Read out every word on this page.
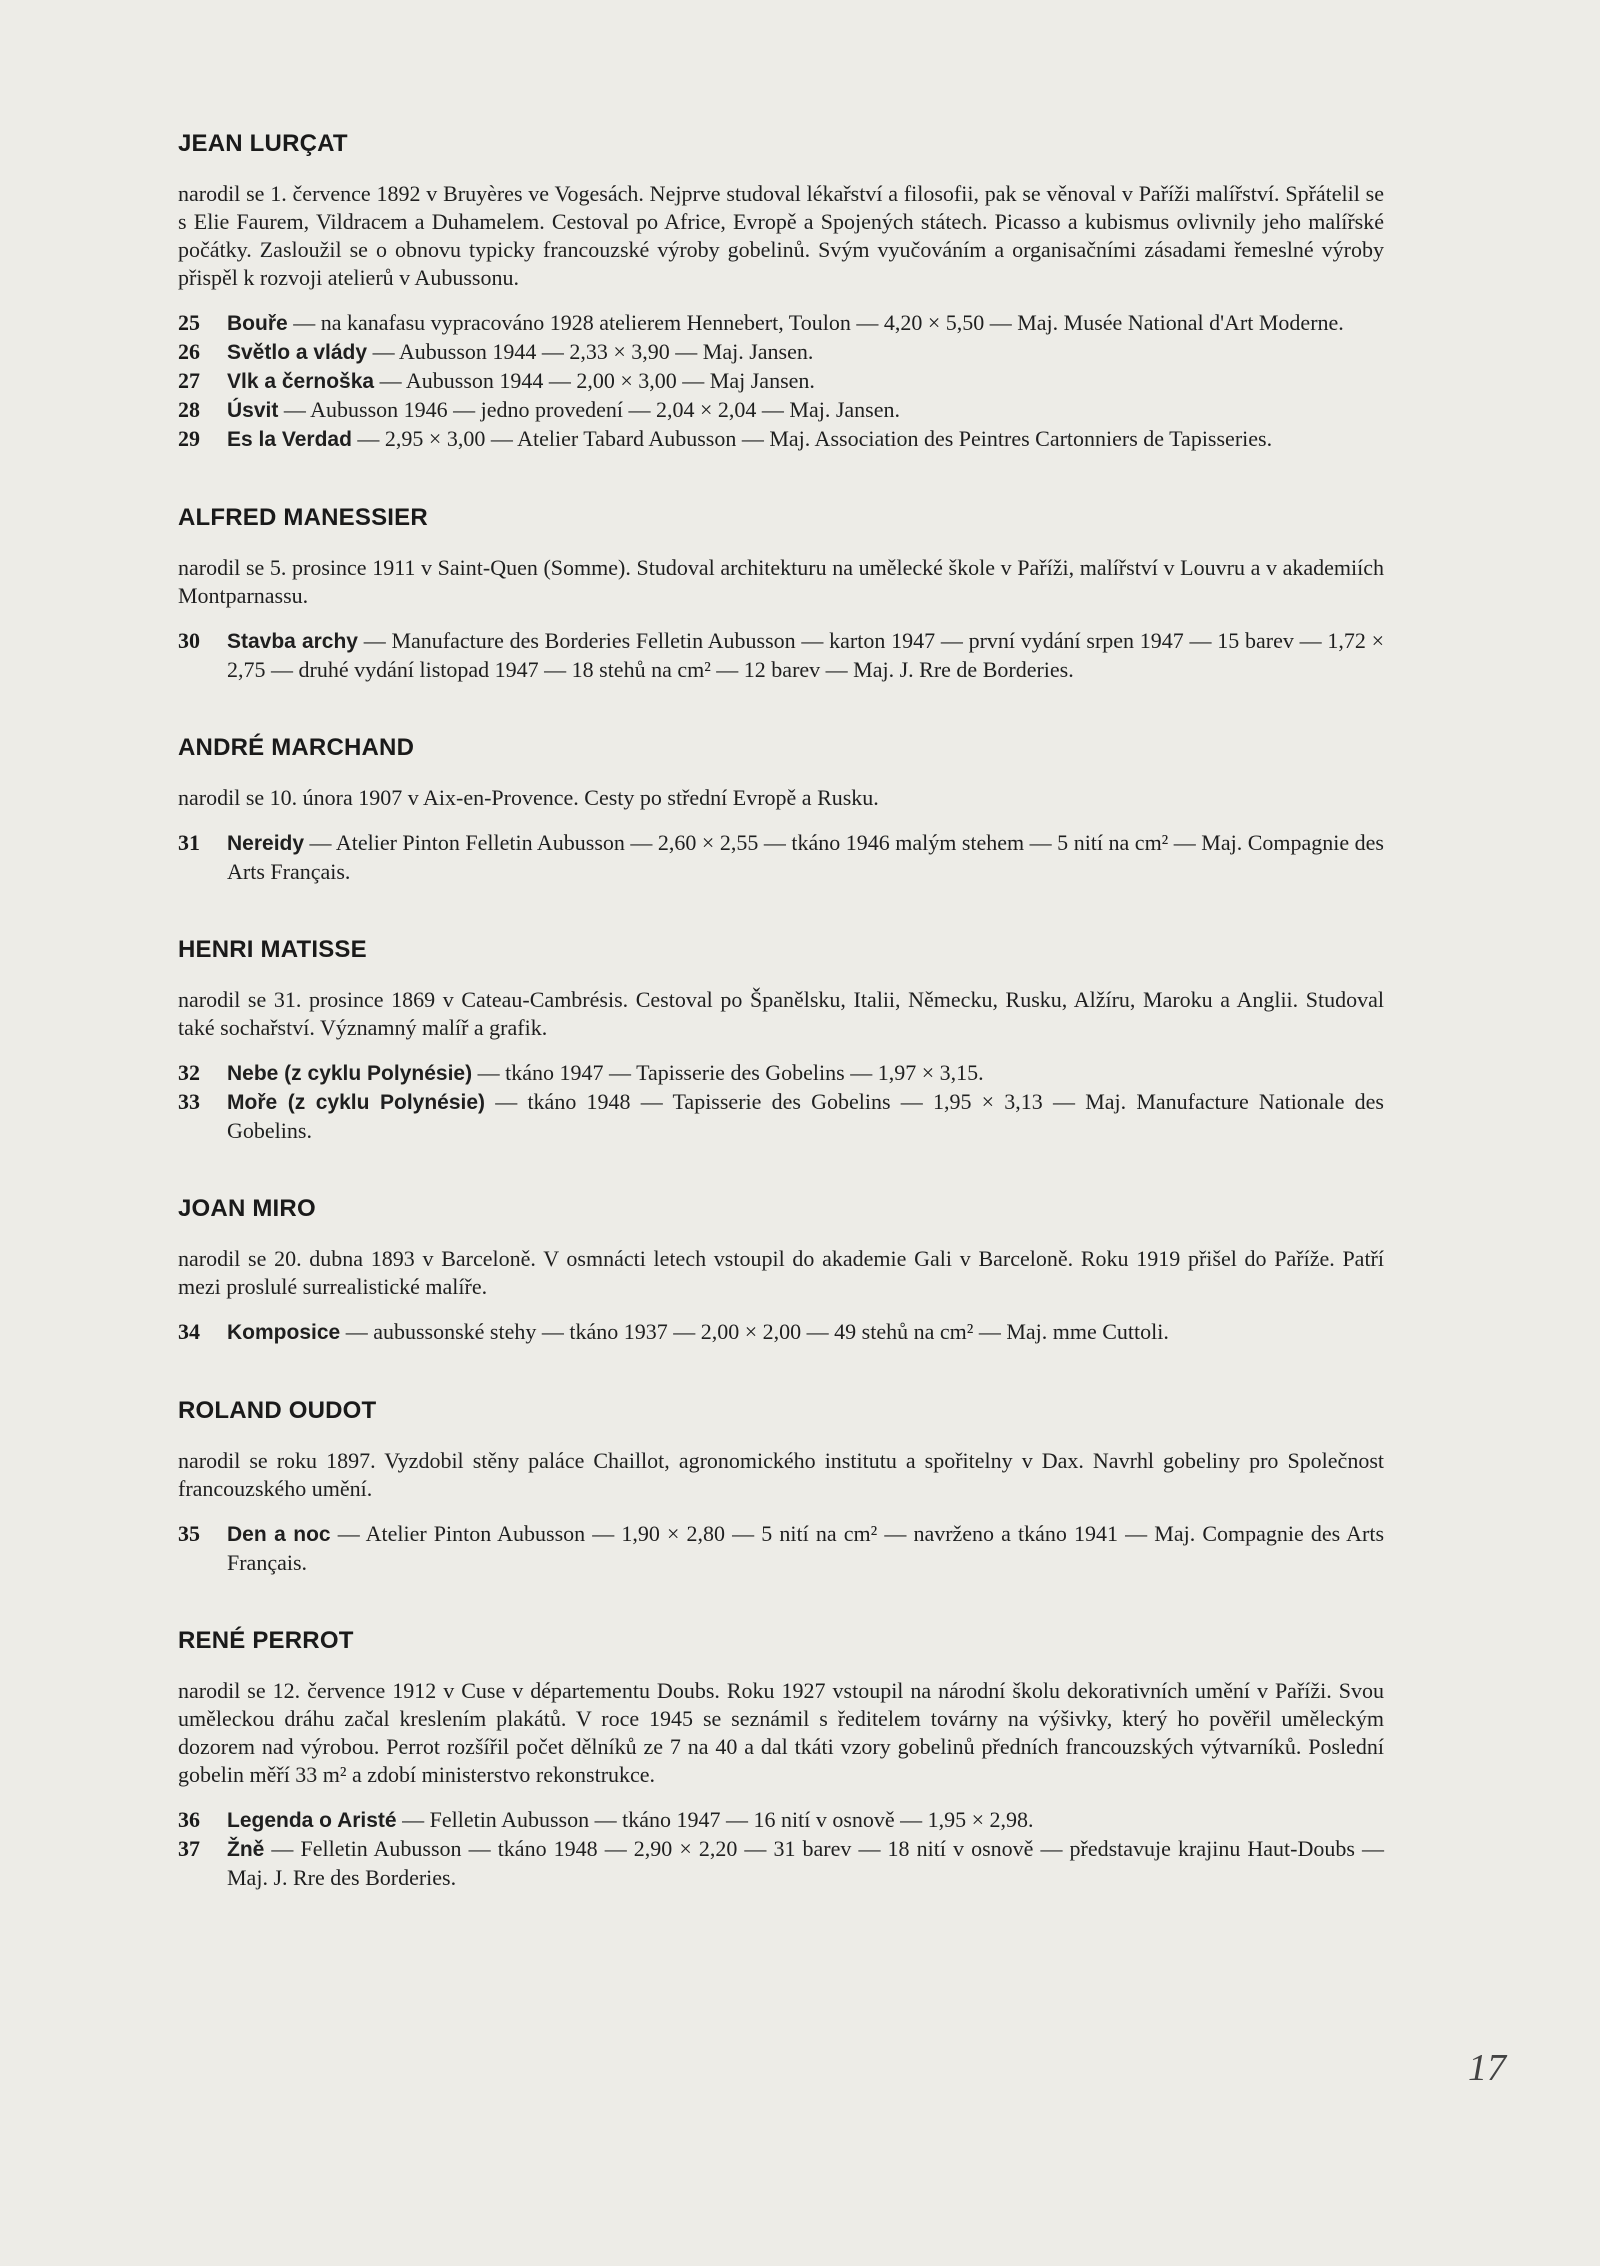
JEAN LURÇAT

narodil se 1. července 1892 v Bruyères ve Vogesách. Nejprve studoval lékařství a filosofii, pak se věnoval v Paříži malířství. Spřátelil se s Elie Faurem, Vildracem a Duhamelem. Cestoval po Africe, Evropě a Spojených státech. Picasso a kubismus ovlivnily jeho malířské počátky. Zasloužil se o obnovu typicky francouzské výroby gobelinů. Svým vyučováním a organisačními zásadami řemeslné výroby přispěl k rozvoji atelierů v Aubussonu.

25 Bouře — na kanafasu vypracováno 1928 atelierem Hennebert, Toulon — 4,20 × 5,50 — Maj. Musée National d'Art Moderne.
26 Světlo a vlády — Aubusson 1944 — 2,33 × 3,90 — Maj. Jansen.
27 Vlk a černoška — Aubusson 1944 — 2,00 × 3,00 — Maj Jansen.
28 Úsvit — Aubusson 1946 — jedno provedení — 2,04 × 2,04 — Maj. Jansen.
29 Es la Verdad — 2,95 × 3,00 — Atelier Tabard Aubusson — Maj. Association des Peintres Cartonniers de Tapisseries.
ALFRED MANESSIER

narodil se 5. prosince 1911 v Saint-Quen (Somme). Studoval architekturu na umělecké škole v Paříži, malířství v Louvru a v akademiích Montparnassu.

30 Stavba archy — Manufacture des Borderies Felletin Aubusson — karton 1947 — první vydání srpen 1947 — 15 barev — 1,72 × 2,75 — druhé vydání listopad 1947 — 18 stehů na cm² — 12 barev — Maj. J. Rre de Borderies.
ANDRÉ MARCHAND

narodil se 10. února 1907 v Aix-en-Provence. Cesty po střední Evropě a Rusku.

31 Nereidy — Atelier Pinton Felletin Aubusson — 2,60 × 2,55 — tkáno 1946 malým stehem — 5 nití na cm² — Maj. Compagnie des Arts Français.
HENRI MATISSE

narodil se 31. prosince 1869 v Cateau-Cambrésis. Cestoval po Španělsku, Italii, Německu, Rusku, Alžíru, Maroku a Anglii. Studoval také sochařství. Významný malíř a grafik.

32 Nebe (z cyklu Polynésie) — tkáno 1947 — Tapisserie des Gobelins — 1,97 × 3,15.
33 Moře (z cyklu Polynésie) — tkáno 1948 — Tapisserie des Gobelins — 1,95 × 3,13 — Maj. Manufacture Nationale des Gobelins.
JOAN MIRO

narodil se 20. dubna 1893 v Barceloně. V osmnácti letech vstoupil do akademie Gali v Barceloně. Roku 1919 přišel do Paříže. Patří mezi proslulé surrealistické malíře.

34 Komposice — aubussonské stehy — tkáno 1937 — 2,00 × 2,00 — 49 stehů na cm² — Maj. mme Cuttoli.
ROLAND OUDOT

narodil se roku 1897. Vyzdobil stěny paláce Chaillot, agronomického institutu a spořitelny v Dax. Navrhl gobeliny pro Společnost francouzského umění.

35 Den a noc — Atelier Pinton Aubusson — 1,90 × 2,80 — 5 nití na cm² — navrženo a tkáno 1941 — Maj. Compagnie des Arts Français.
RENÉ PERROT

narodil se 12. července 1912 v Cuse v départementu Doubs. Roku 1927 vstoupil na národní školu dekorativních umění v Paříži. Svou uměleckou dráhu začal kreslením plakátů. V roce 1945 se seznámil s ředitelem továrny na výšivky, který ho pověřil uměleckým dozorem nad výrobou. Perrot rozšířil počet dělníků ze 7 na 40 a dal tkáti vzory gobelinů předních francouzských výtvarníků. Poslední gobelin měří 33 m² a zdobí ministerstvo rekonstrukce.

36 Legenda o Aristé — Felletin Aubusson — tkáno 1947 — 16 nití v osnově — 1,95 × 2,98.
37 Žně — Felletin Aubusson — tkáno 1948 — 2,90 × 2,20 — 31 barev — 18 nití v osnově — představuje krajinu Haut-Doubs — Maj. J. Rre des Borderies.
17
